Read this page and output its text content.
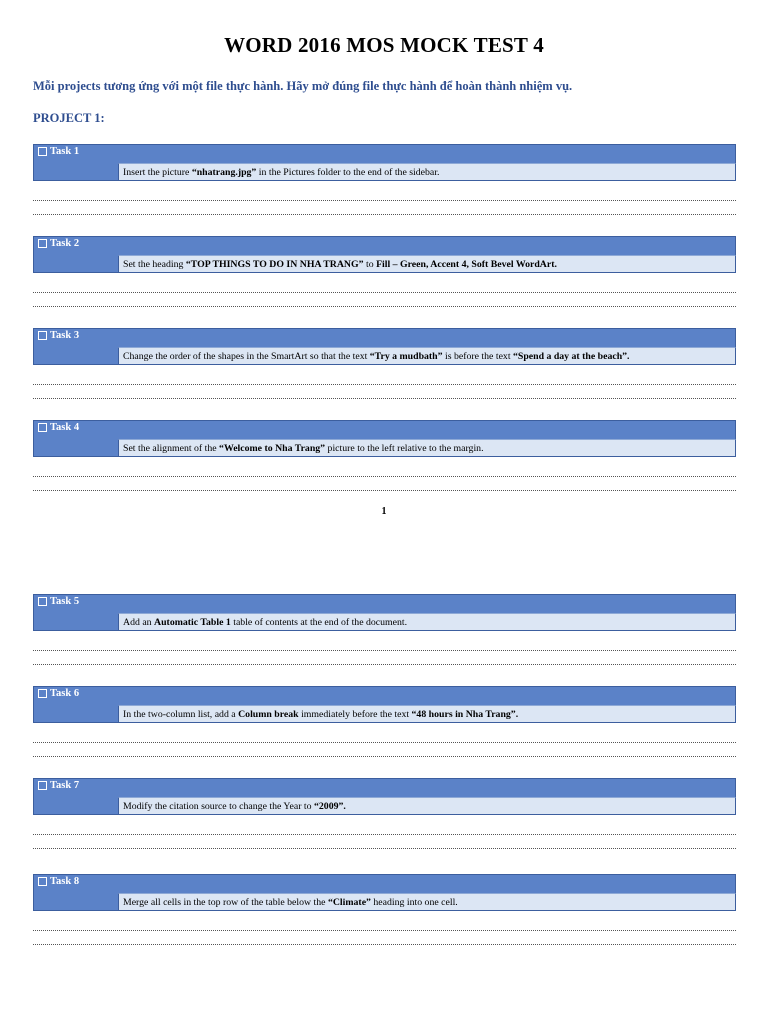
WORD 2016 MOS MOCK TEST 4
Mỗi projects tương ứng với một file thực hành. Hãy mở đúng file thực hành để hoàn thành nhiệm vụ.
PROJECT 1:
Task 1
Insert the picture “nhatrang.jpg” in the Pictures folder to the end of the sidebar.
Task 2
Set the heading “TOP THINGS TO DO IN NHA TRANG” to Fill – Green, Accent 4, Soft Bevel WordArt.
Task 3
Change the order of the shapes in the SmartArt so that the text “Try a mudbath” is before the text “Spend a day at the beach”.
Task 4
Set the alignment of the “Welcome to Nha Trang” picture to the left relative to the margin.
Task 5
Add an Automatic Table 1 table of contents at the end of the document.
Task 6
In the two-column list, add a Column break immediately before the text “48 hours in Nha Trang”.
Task 7
Modify the citation source to change the Year to “2009”.
Task 8
Merge all cells in the top row of the table below the “Climate” heading into one cell.
1
